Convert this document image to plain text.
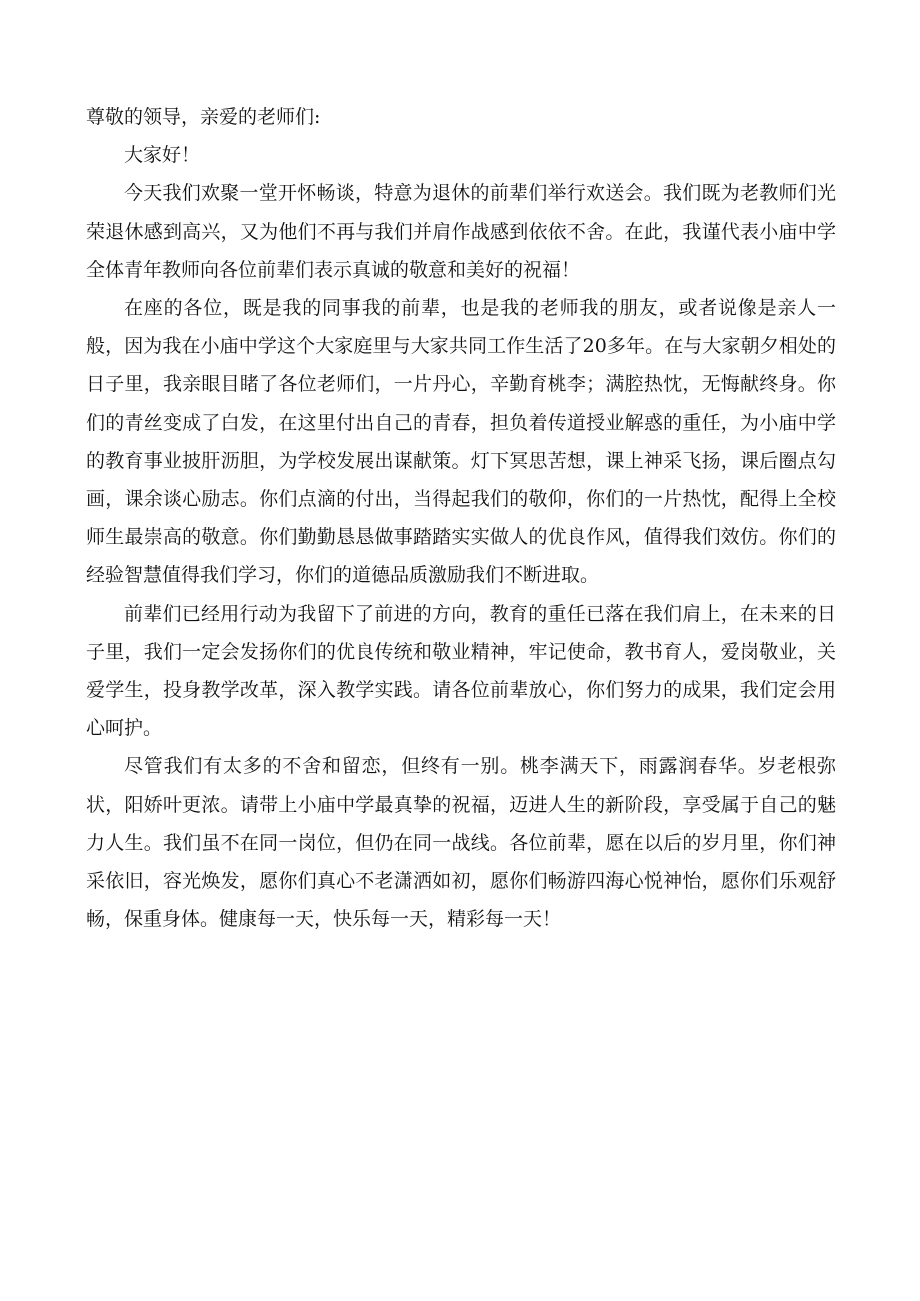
尊敬的领导，亲爱的老师们:

大家好！

今天我们欢聚一堂开怀畅谈，特意为退休的前辈们举行欢送会。我们既为老教师们光荣退休感到高兴，又为他们不再与我们并肩作战感到依依不舍。在此，我谨代表小庙中学全体青年教师向各位前辈们表示真诚的敬意和美好的祝福！

在座的各位，既是我的同事我的前辈，也是我的老师我的朋友，或者说像是亲人一般，因为我在小庙中学这个大家庭里与大家共同工作生活了20多年。在与大家朝夕相处的日子里，我亲眼目睹了各位老师们，一片丹心，辛勤育桃李；满腔热忱，无悔献终身。你们的青丝变成了白发，在这里付出自己的青春，担负着传道授业解惑的重任，为小庙中学的教育事业披肝沥胆，为学校发展出谋献策。灯下冥思苦想，课上神采飞扬，课后圈点勾画，课余谈心励志。你们点滴的付出，当得起我们的敬仰，你们的一片热忱，配得上全校师生最崇高的敬意。你们勤勤恳恳做事踏踏实实做人的优良作风，值得我们效仿。你们的经验智慧值得我们学习，你们的道德品质激励我们不断进取。

前辈们已经用行动为我留下了前进的方向，教育的重任已落在我们肩上，在未来的日子里，我们一定会发扬你们的优良传统和敬业精神，牢记使命，教书育人，爱岗敬业，关爱学生，投身教学改革，深入教学实践。请各位前辈放心，你们努力的成果，我们定会用心呵护。

尽管我们有太多的不舍和留恋，但终有一别。桃李满天下，雨露润春华。岁老根弥状，阳娇叶更浓。请带上小庙中学最真挚的祝福，迈进人生的新阶段，享受属于自己的魅力人生。我们虽不在同一岗位，但仍在同一战线。各位前辈，愿在以后的岁月里，你们神采依旧，容光焕发，愿你们真心不老潇洒如初，愿你们畅游四海心悦神怡，愿你们乐观舒畅，保重身体。健康每一天，快乐每一天，精彩每一天！
